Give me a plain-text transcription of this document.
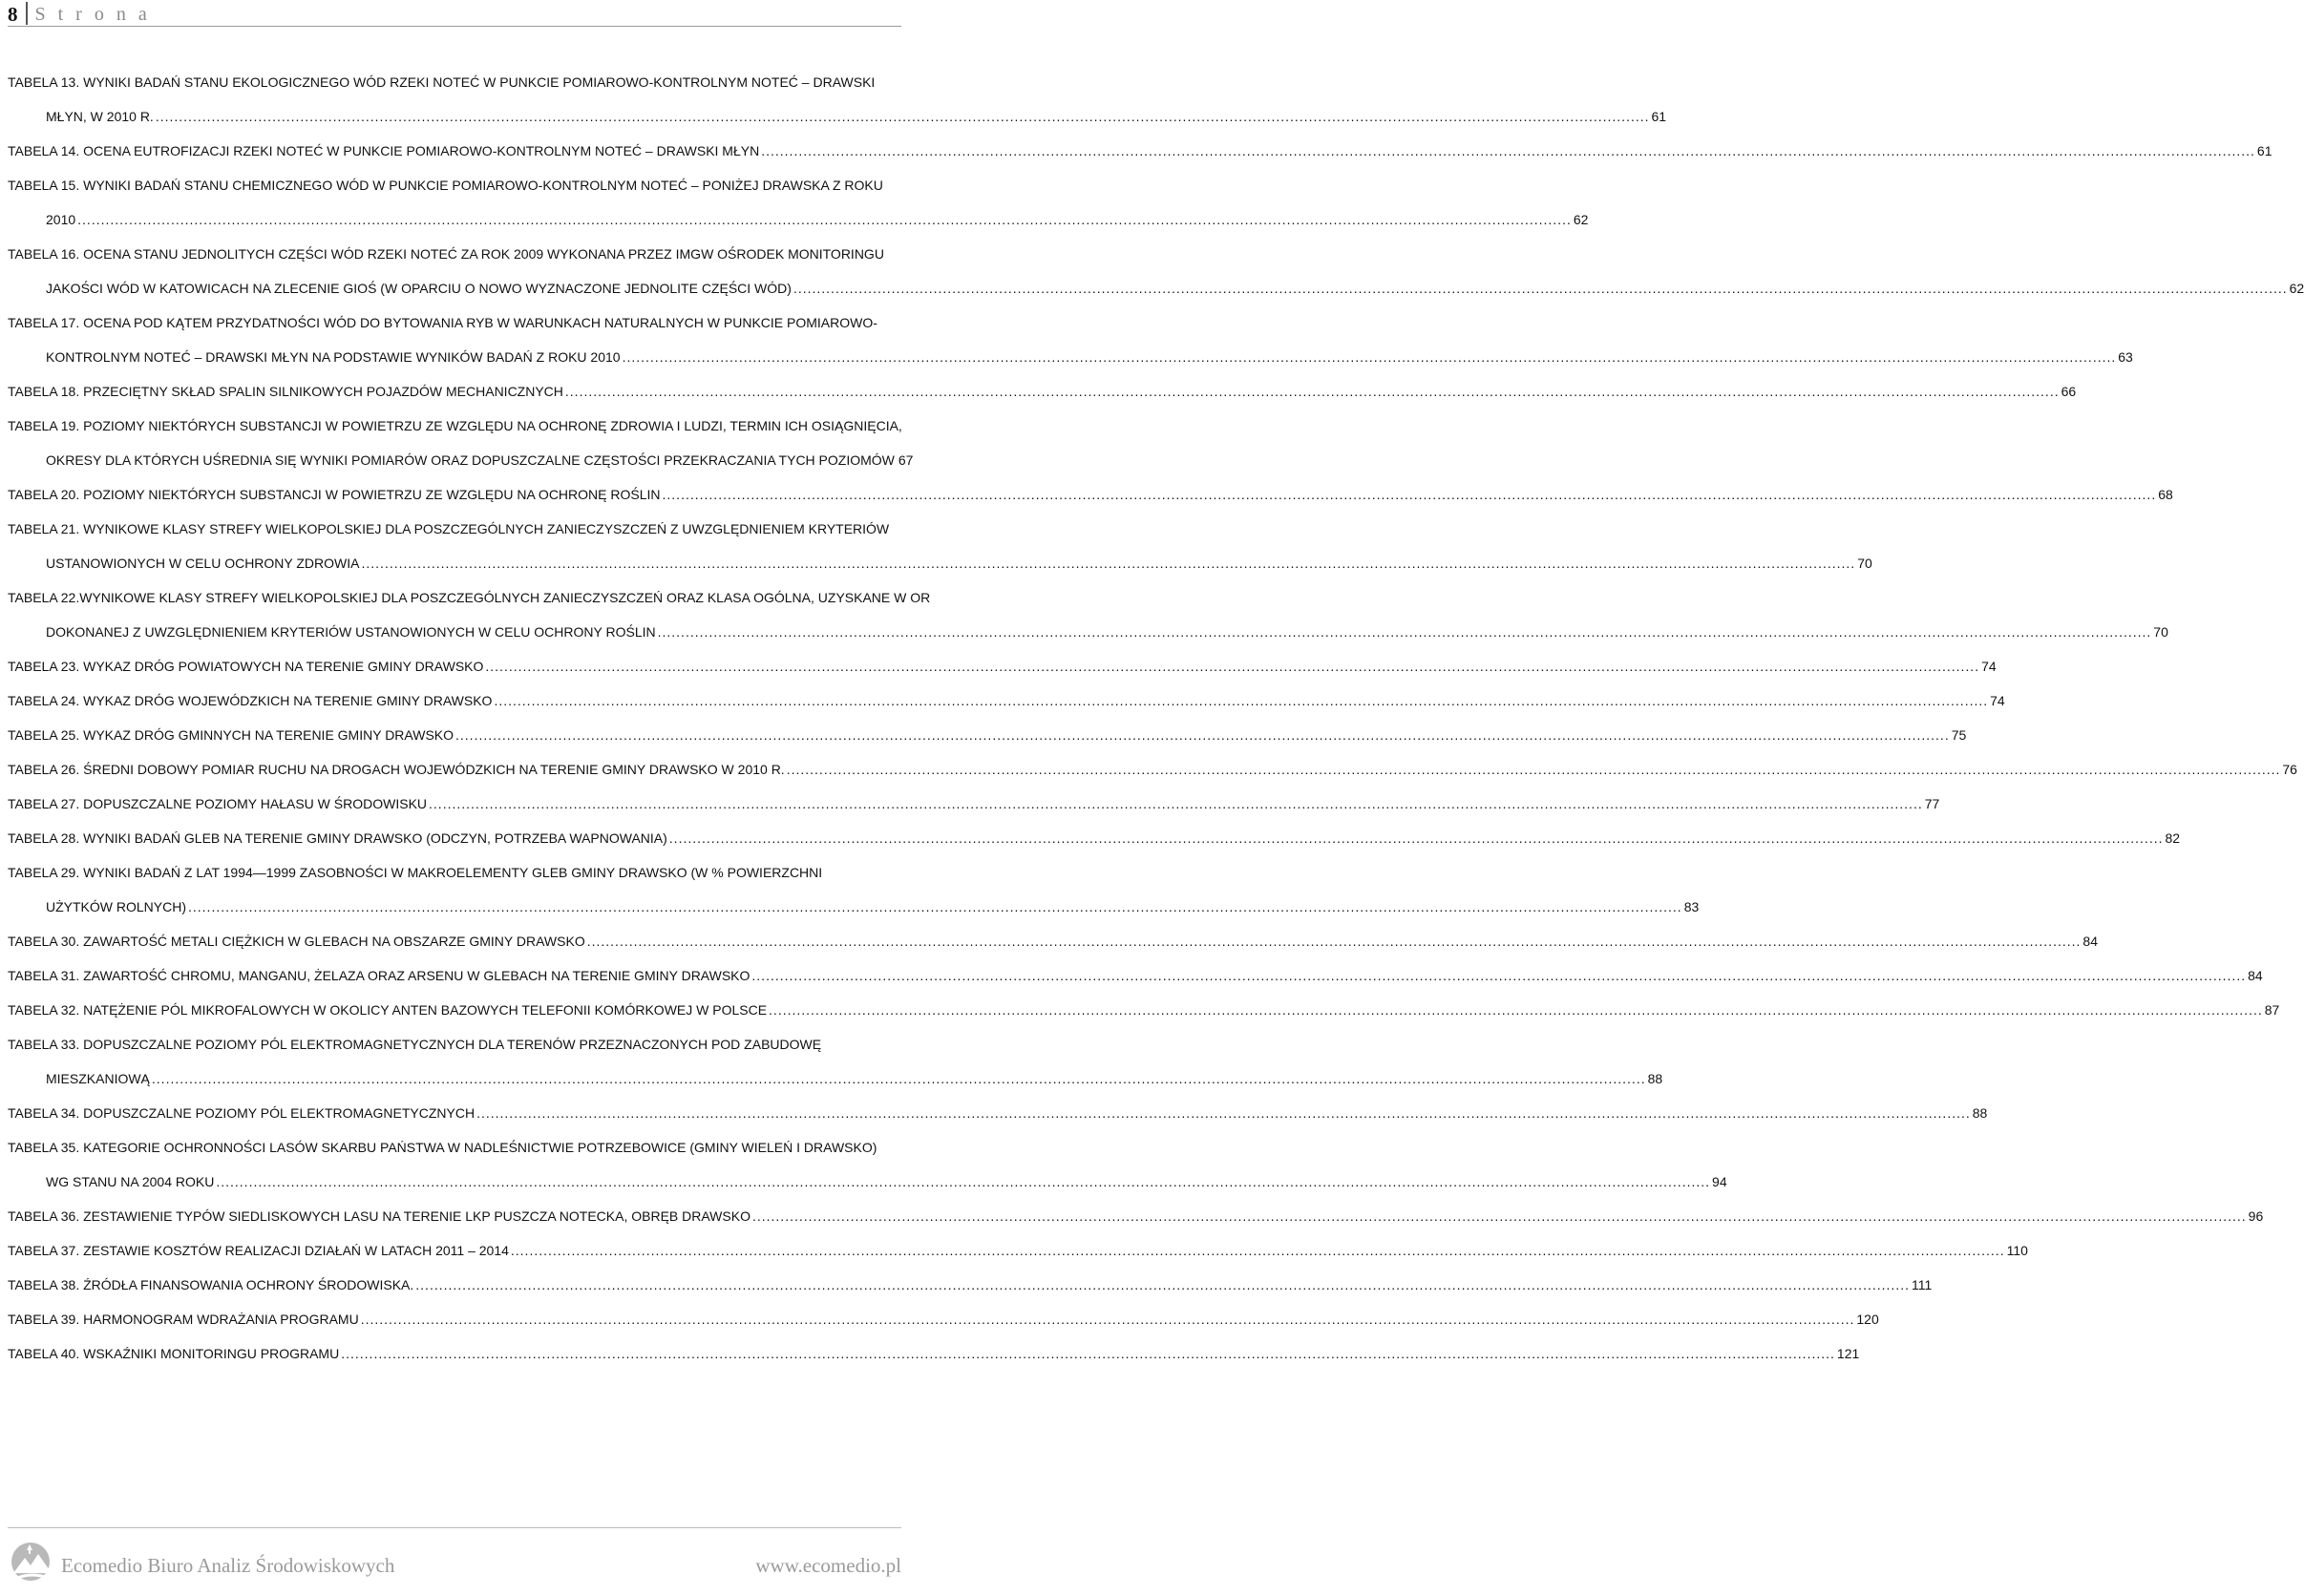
8 S t r o n a
TABELA 13. WYNIKI BADAŃ STANU EKOLOGICZNEGO WÓD RZEKI NOTEĆ W PUNKCIE POMIAROWO-KONTROLNYM NOTEĆ – DRAWSKI
MŁYN, W 2010 R. .....	61
TABELA 14. OCENA EUTROFIZACJI RZEKI NOTEĆ W PUNKCIE POMIAROWO-KONTROLNYM NOTEĆ – DRAWSKI MŁYN .....	61
TABELA 15. WYNIKI BADAŃ STANU CHEMICZNEGO WÓD W PUNKCIE POMIAROWO-KONTROLNYM NOTEĆ – PONIŻEJ DRAWSKA Z ROKU
2010 .....	62
TABELA 16. OCENA STANU JEDNOLITYCH CZĘŚCI WÓD RZEKI NOTEĆ ZA ROK 2009 WYKONANA PRZEZ IMGW OŚRODEK MONITORINGU
JAKOŚCI WÓD W KATOWICACH NA ZLECENIE GIOŚ (W OPARCIU O NOWO WYZNACZONE JEDNOLITE CZĘŚCI WÓD) .....	62
TABELA 17. OCENA POD KĄTEM PRZYDATNOŚCI WÓD DO BYTOWANIA RYB W WARUNKACH NATURALNYCH W PUNKCIE POMIAROWO-
KONTROLNYM NOTEĆ – DRAWSKI MŁYN NA PODSTAWIE WYNIKÓW BADAŃ Z ROKU 2010 .....	63
TABELA 18. PRZECIĘTNY SKŁAD SPALIN SILNIKOWYCH POJAZDÓW MECHANICZNYCH .....	66
TABELA 19. POZIOMY NIEKTÓRYCH SUBSTANCJI W POWIETRZU ZE WZGLĘDU NA OCHRONĘ ZDROWIA I LUDZI, TERMIN ICH OSIĄGNIĘCIA,
OKRESY DLA KTÓRYCH UŚREDNIA SIĘ WYNIKI POMIARÓW ORAZ DOPUSZCZALNE CZĘSTOŚCI PRZEKRACZANIA TYCH POZIOMÓW 67
TABELA 20. POZIOMY NIEKTÓRYCH SUBSTANCJI W POWIETRZU ZE WZGLĘDU NA OCHRONĘ ROŚLIN .....	68
TABELA 21. WYNIKOWE KLASY STREFY WIELKOPOLSKIEJ DLA POSZCZEGÓLNYCH ZANIECZYSZCZEŃ Z UWZGLĘDNIENIEM KRYTERIÓW
USTANOWIONYCH W CELU OCHRONY ZDROWIA .....	70
TABELA 22.WYNIKOWE KLASY STREFY WIELKOPOLSKIEJ DLA POSZCZEGÓLNYCH ZANIECZYSZCZEŃ ORAZ KLASA OGÓLNA, UZYSKANE W OR
DOKONANEJ Z UWZGLĘDNIENIEM KRYTERIÓW USTANOWIONYCH W CELU OCHRONY ROŚLIN .....	70
TABELA 23. WYKAZ DRÓG POWIATOWYCH NA TERENIE GMINY DRAWSKO .....	74
TABELA 24. WYKAZ DRÓG WOJEWÓDZKICH NA TERENIE GMINY DRAWSKO .....	74
TABELA 25. WYKAZ DRÓG GMINNYCH NA TERENIE GMINY DRAWSKO .....	75
TABELA 26. ŚREDNI DOBOWY POMIAR RUCHU NA DROGACH WOJEWÓDZKICH NA TERENIE GMINY DRAWSKO W 2010 R. .....	76
TABELA 27. DOPUSZCZALNE POZIOMY HAŁASU W ŚRODOWISKU .....	77
TABELA 28. WYNIKI BADAŃ GLEB NA TERENIE GMINY DRAWSKO (ODCZYN, POTRZEBA WAPNOWANIA) .....	82
TABELA 29. WYNIKI BADAŃ Z LAT 1994—1999 ZASOBNOŚCI W MAKROELEMENTY GLEB GMINY DRAWSKO (W % POWIERZCHNI
UŻYTKÓW ROLNYCH) .....	83
TABELA 30. ZAWARTOŚĆ METALI CIĘŻKICH W GLEBACH NA OBSZARZE GMINY DRAWSKO .....	84
TABELA 31. ZAWARTOŚĆ CHROMU, MANGANU, ŻELAZA ORAZ ARSENU W GLEBACH NA TERENIE GMINY DRAWSKO .....	84
TABELA 32. NATĘŻENIE PÓL MIKROFALOWYCH W OKOLICY ANTEN BAZOWYCH TELEFONII KOMÓRKOWEJ W POLSCE .....	87
TABELA 33. DOPUSZCZALNE POZIOMY PÓL ELEKTROMAGNETYCZNYCH DLA TERENÓW PRZEZNACZONYCH POD ZABUDOWĘ
MIESZKANIOWĄ .....	88
TABELA 34. DOPUSZCZALNE POZIOMY PÓL ELEKTROMAGNETYCZNYCH .....	88
TABELA 35. KATEGORIE OCHRONNOŚCI LASÓW SKARBU PAŃSTWA W NADLEŚNICTWIE POTRZEBOWICE (GMINY WIELEŃ I DRAWSKO)
WG STANU NA 2004 ROKU .....	94
TABELA 36. ZESTAWIENIE TYPÓW SIEDLISKOWYCH LASU NA TERENIE LKP PUSZCZA NOTECKA, OBRĘB DRAWSKO .....	96
TABELA 37. ZESTAWIE KOSZTÓW REALIZACJI DZIAŁAŃ W LATACH 2011 – 2014 .....	110
TABELA 38. ŹRÓDŁA FINANSOWANIA OCHRONY ŚRODOWISKA. .....	111
TABELA 39. HARMONOGRAM WDRAŻANIA PROGRAMU .....	120
TABELA 40. WSKAŹNIKI MONITORINGU PROGRAMU .....	121
Ecomedio Biuro Analiz Środowiskowych	www.ecomedio.pl
